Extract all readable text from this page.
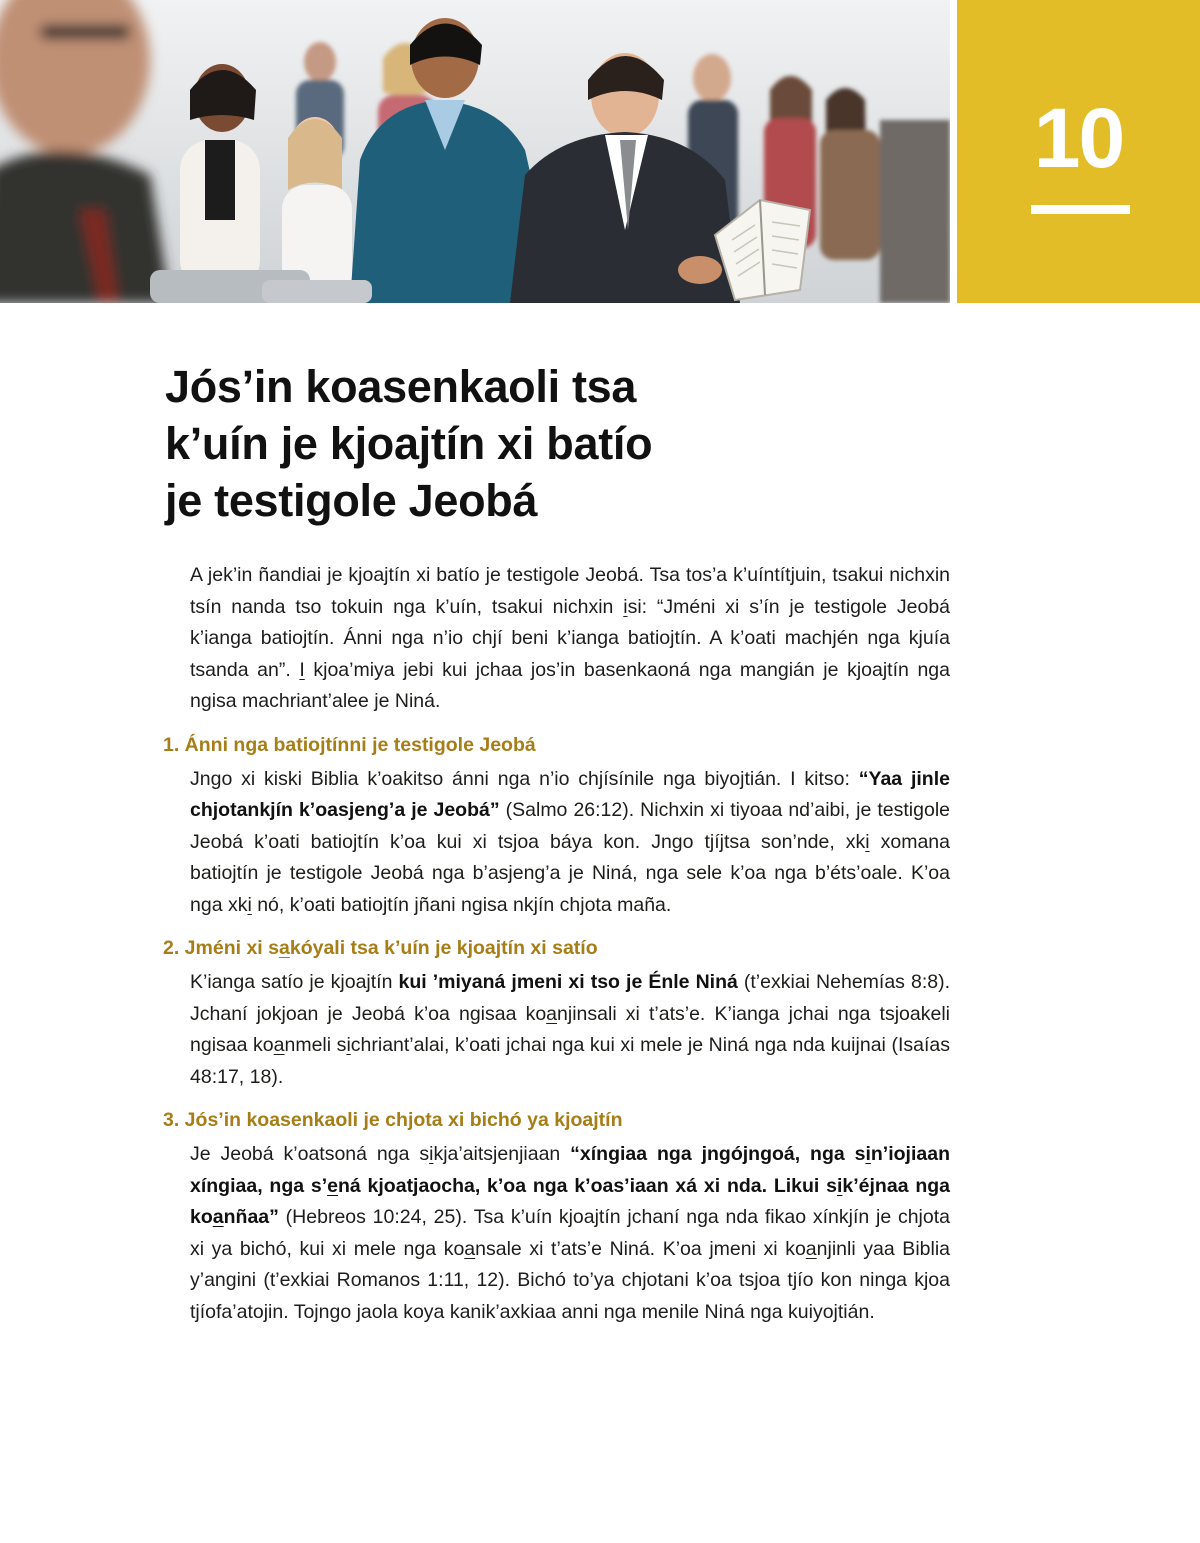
10
Jós’in koasenkaoli tsa
k’uín je kjoajtín xi batío
je testigole Jeobá

A jek’in ñandiai je kjoajtín xi batío je testigole Jeobá. Tsa tos’a k’uíntítjuin, tsakui nichxin tsín nanda tso tokuin nga k’uín, tsakui nichxin isi: “Jméni xi s’ín je testigole Jeobá k’ianga batiojtín. Ánni nga n’io chjí beni k’ianga batiojtín. A k’oati machjén nga kjuía tsanda an”. I kjoa’miya jebi kui jchaa jos’in basenkaoná nga mangián je kjoajtín nga ngisa machriant’alee je Niná.

1. Ánni nga batiojtínni je testigole Jeobá

Jngo xi kiski Biblia k’oakitso ánni nga n’io chjísínile nga biyojtián. I kitso: “Yaa jinle chjotankjín k’oasjeng’a je Jeobá” (Salmo 26:12). Nichxin xi tiyoaa nd’aibi, je testigole Jeobá k’oati batiojtín k’oa kui xi tsjoa báya kon. Jngo tjíjtsa son’nde, xki xomana batiojtín je testigole Jeobá nga b’asjeng’a je Niná, nga sele k’oa nga b’éts’oale. K’oa nga xki nó, k’oati batiojtín jñani ngisa nkjín chjota maña.

2. Jméni xi sakóyali tsa k’uín je kjoajtín xi satío

K’ianga satío je kjoajtín kui ’miyaná jmeni xi tso je Énle Niná (t’exkiai Nehemías 8:8). Jchaní jokjoan je Jeobá k’oa ngisaa koanjinsali xi t’ats’e. K’ianga jchai nga tsjoakeli ngisaa koanmeli sichriant’alai, k’oati jchai nga kui xi mele je Niná nga nda kuijnai (Isaías 48:17, 18).

3. Jós’in koasenkaoli je chjota xi bichó ya kjoajtín

Je Jeobá k’oatsoná nga sikja’aitsjenjiaan “xíngiaa nga jngójngoá, nga sin’iojiaan xíngiaa, nga s’ená kjoatjaocha, k’oa nga k’oas’iaan xá xi nda. Likui sik’éjnaa nga koanñaa” (Hebreos 10:24, 25). Tsa k’uín kjoajtín jchaní nga nda fikao xínkjín je chjota xi ya bichó, kui xi mele nga koansale xi t’ats’e Niná. K’oa jmeni xi koanjinli yaa Biblia y’angini (t’exkiai Romanos 1:11, 12). Bichó to’ya chjotani k’oa tsjoa tjío kon ninga kjoa tjíofa’atojin. Tojngo jaola koya kanik’axkiaa anni nga menile Niná nga kuiyojtián.
